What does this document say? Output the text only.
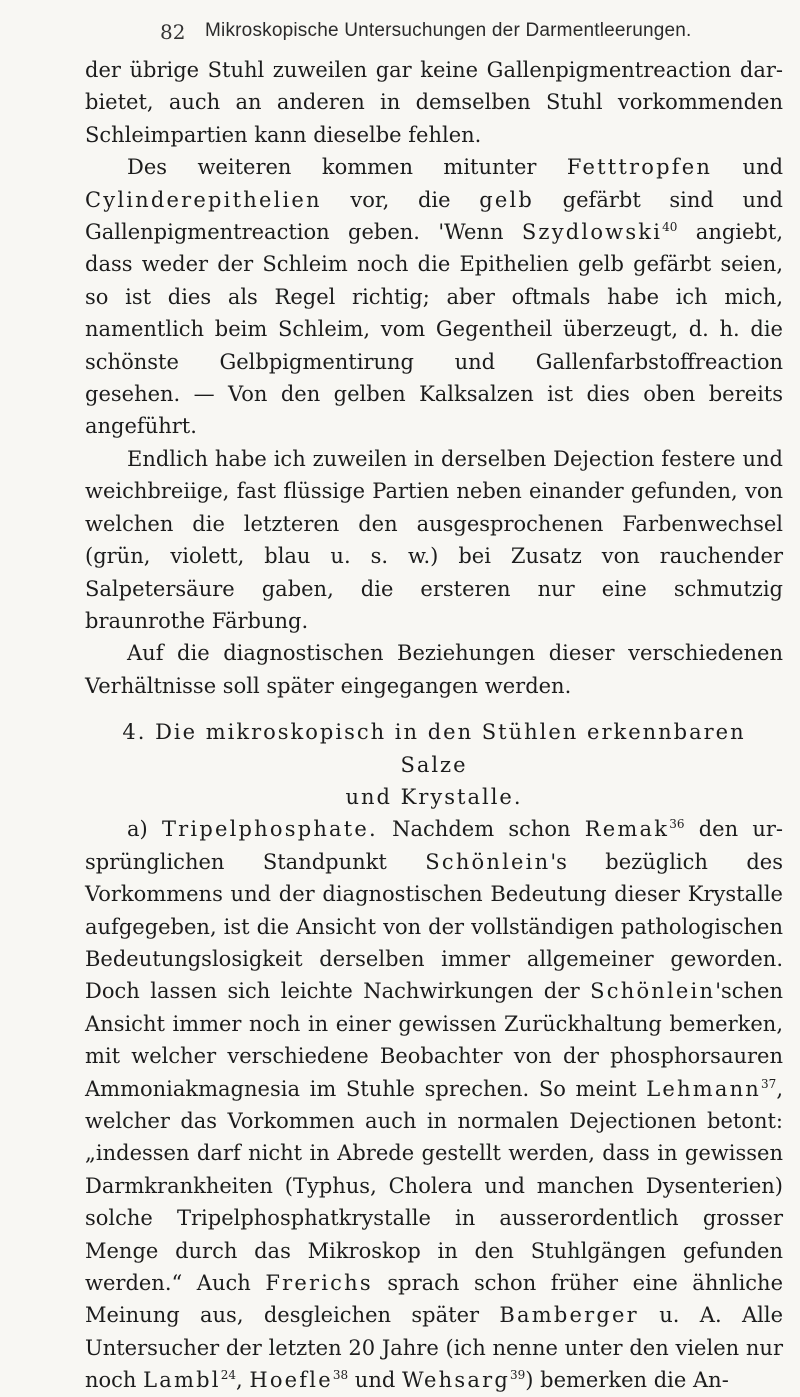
82 Mikroskopische Untersuchungen der Darmentleerungen.

der übrige Stuhl zuweilen gar keine Gallenpigmentreaction darbietet, auch an anderen in demselben Stuhl vorkommenden Schleimpartien kann dieselbe fehlen.

Des weiteren kommen mitunter Fetttropfen und Cylinderepithelien vor, die gelb gefärbt sind und Gallenpigmentreaction geben. 'Wenn Szydlowski$^{40}$ angiebt, dass weder der Schleim noch die Epithelien gelb gefärbt seien, so ist dies als Regel richtig; aber oftmals habe ich mich, namentlich beim Schleim, vom Gegentheil überzeugt, d. h. die schönste Gelbpigmentirung und Gallenfarbstoffreaction gesehen. — Von den gelben Kalksalzen ist dies oben bereits angeführt.

Endlich habe ich zuweilen in derselben Dejection festere und weichbreiige, fast flüssige Partien neben einander gefunden, von welchen die letzteren den ausgesprochenen Farbenwechsel (grün, violett, blau u. s. w.) bei Zusatz von rauchender Salpetersäure gaben, die ersteren nur eine schmutzig braunrothe Färbung.

Auf die diagnostischen Beziehungen dieser verschiedenen Verhältnisse soll später eingegangen werden.

4. Die mikroskopisch in den Stühlen erkennbaren Salze
und Krystalle.

a) Tripelphosphate. Nachdem schon Remak$^{36}$ den ursprünglichen Standpunkt Schönlein's bezüglich des Vorkommens und der diagnostischen Bedeutung dieser Krystalle aufgegeben, ist die Ansicht von der vollständigen pathologischen Bedeutungslosigkeit derselben immer allgemeiner geworden. Doch lassen sich leichte Nachwirkungen der Schönlein'schen Ansicht immer noch in einer gewissen Zurückhaltung bemerken, mit welcher verschiedene Beobachter von der phosphorsauren Ammoniakmagnesia im Stuhle sprechen. So meint Lehmann$^{37}$, welcher das Vorkommen auch in normalen Dejectionen betont: „indessen darf nicht in Abrede gestellt werden, dass in gewissen Darmkrankheiten (Typhus, Cholera und manchen Dysenterien) solche Tripelphosphatkrystalle in ausserordentlich grosser Menge durch das Mikroskop in den Stuhlgängen gefunden werden.“ Auch Frerichs sprach schon früher eine ähnliche Meinung aus, desgleichen später Bamberger u. A. Alle Untersucher der letzten 20 Jahre (ich nenne unter den vielen nur noch Lambl$^{24}$, Hoefle$^{38}$ und Wehsarg$^{39}$) bemerken die An-
